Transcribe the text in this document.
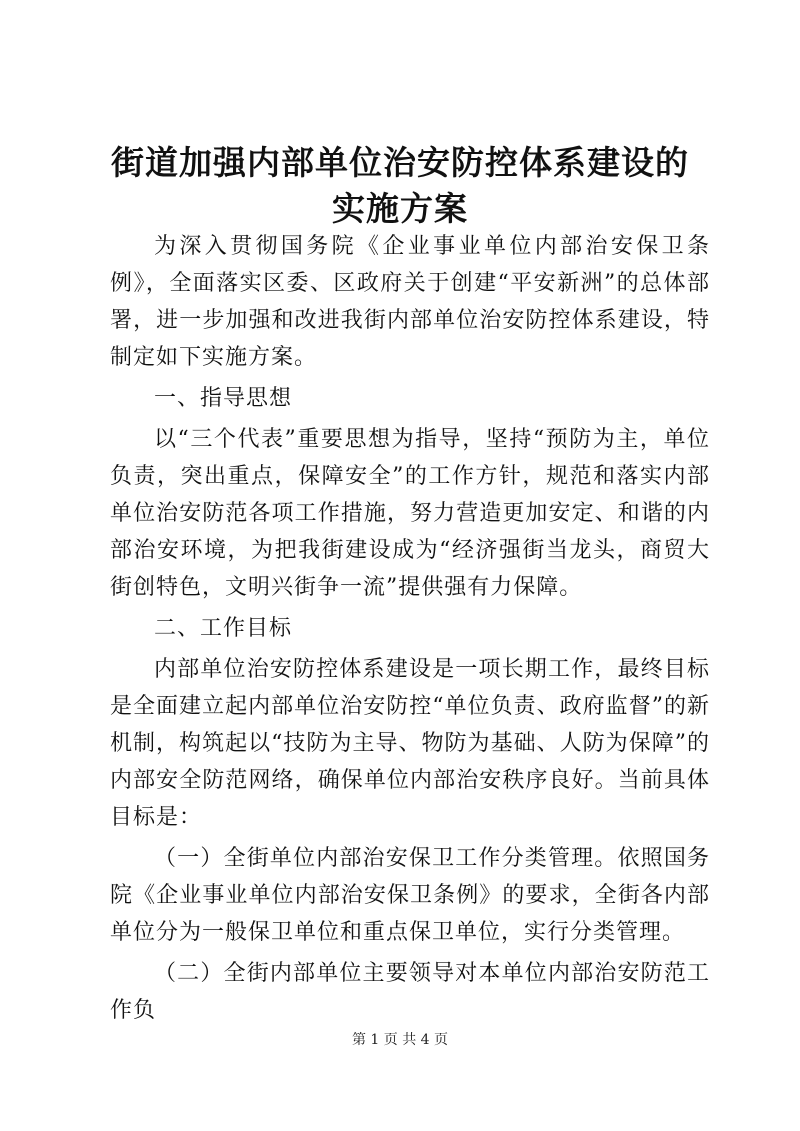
街道加强内部单位治安防控体系建设的实施方案

为深入贯彻国务院《企业事业单位内部治安保卫条例》，全面落实区委、区政府关于创建“平安新洲”的总体部署，进一步加强和改进我街内部单位治安防控体系建设，特制定如下实施方案。

一、指导思想

以“三个代表”重要思想为指导，坚持“预防为主，单位负责，突出重点，保障安全”的工作方针，规范和落实内部单位治安防范各项工作措施，努力营造更加安定、和谐的内部治安环境，为把我街建设成为“经济强街当龙头，商贸大街创特色，文明兴街争一流”提供强有力保障。

二、工作目标

内部单位治安防控体系建设是一项长期工作，最终目标是全面建立起内部单位治安防控“单位负责、政府监督”的新机制，构筑起以“技防为主导、物防为基础、人防为保障”的内部安全防范网络，确保单位内部治安秩序良好。当前具体目标是：

（一）全街单位内部治安保卫工作分类管理。依照国务院《企业事业单位内部治安保卫条例》的要求，全街各内部单位分为一般保卫单位和重点保卫单位，实行分类管理。

（二）全街内部单位主要领导对本单位内部治安防范工作负

第 1 页 共 4 页
